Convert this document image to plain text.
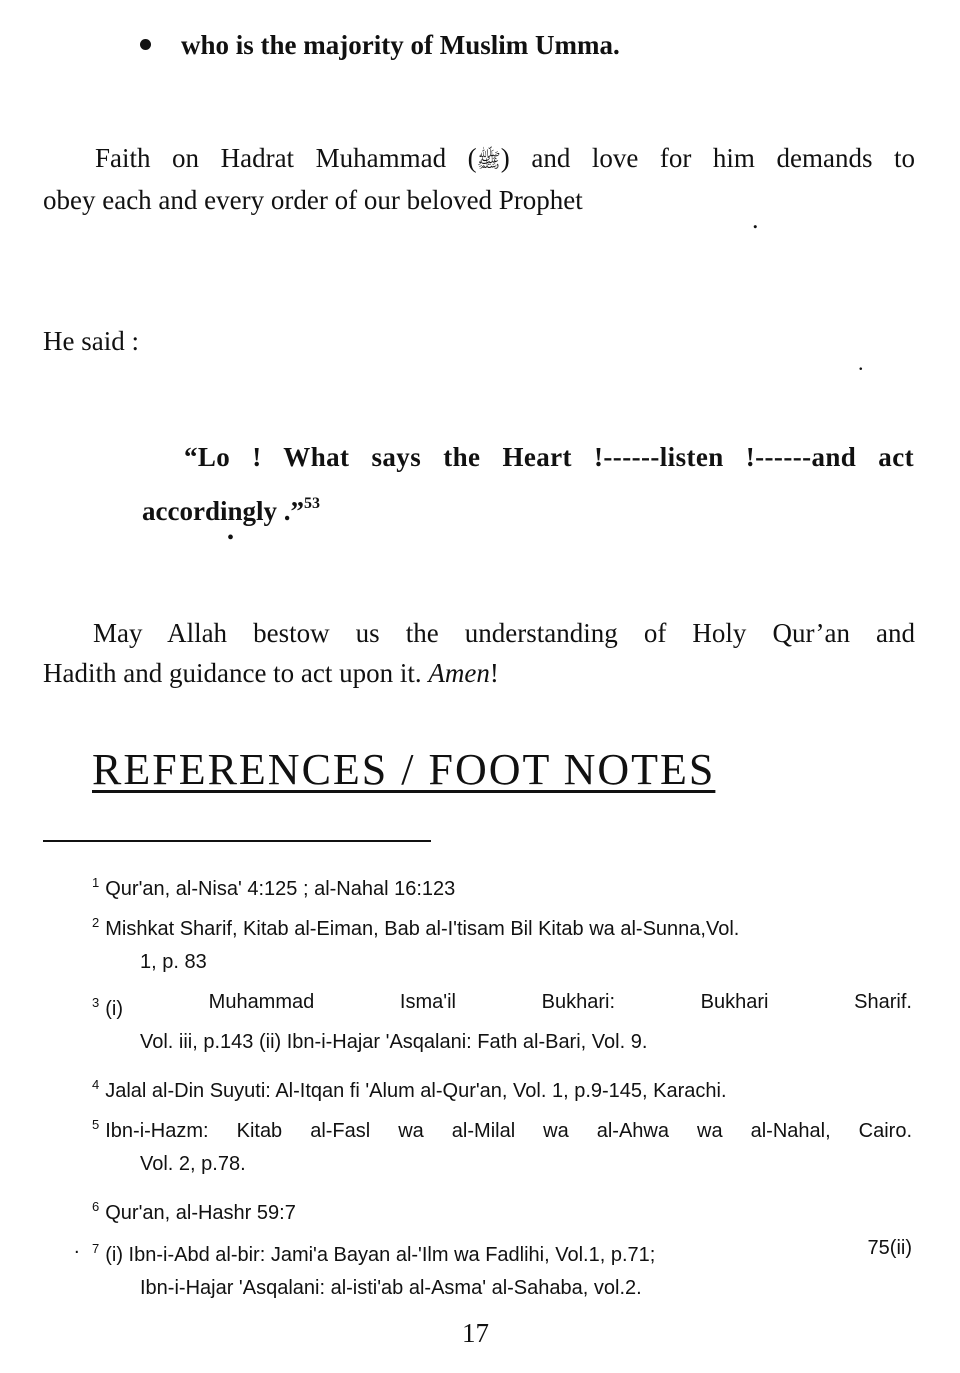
who is the majority of Muslim Umma.
Faith on Hadrat Muhammad (ﷺ) and love for him demands to
obey each and every order of our beloved Prophet
.
He said :
.
“Lo ! What says the Heart !------listen !------and act
accordingly .”$^{53}$
•
May Allah bestow us the understanding of Holy Qur’an and
Hadith and guidance to act upon it. Amen!
REFERENCES / FOOT NOTES
$^1$ Qur'an, al-Nisa' 4:125 ; al-Nahal 16:123
$^2$ Mishkat Sharif, Kitab al-Eiman, Bab al-I'tisam Bil Kitab wa al-Sunna,Vol.
1, p. 83
$^3$ (i)	Muhammad	Isma'il	Bukhari:	Bukhari	Sharif.
Vol. iii, p.143 (ii) Ibn-i-Hajar 'Asqalani: Fath al-Bari, Vol. 9.
$^4$ Jalal al-Din Suyuti: Al-Itqan fi 'Alum al-Qur'an, Vol. 1, p.9-145, Karachi.
$^5$ Ibn-i-Hazm: Kitab al-Fasl wa al-Milal wa al-Ahwa wa al-Nahal, Cairo.
Vol. 2, p.78.
$^6$ Qur'an, al-Hashr 59:7
. $^7$ (i) Ibn-i-Abd al-bir: Jami'a Bayan al-'Ilm wa Fadlihi, Vol.1, p.71;	75(ii)
Ibn-i-Hajar 'Asqalani: al-isti'ab al-Asma' al-Sahaba, vol.2.
17
